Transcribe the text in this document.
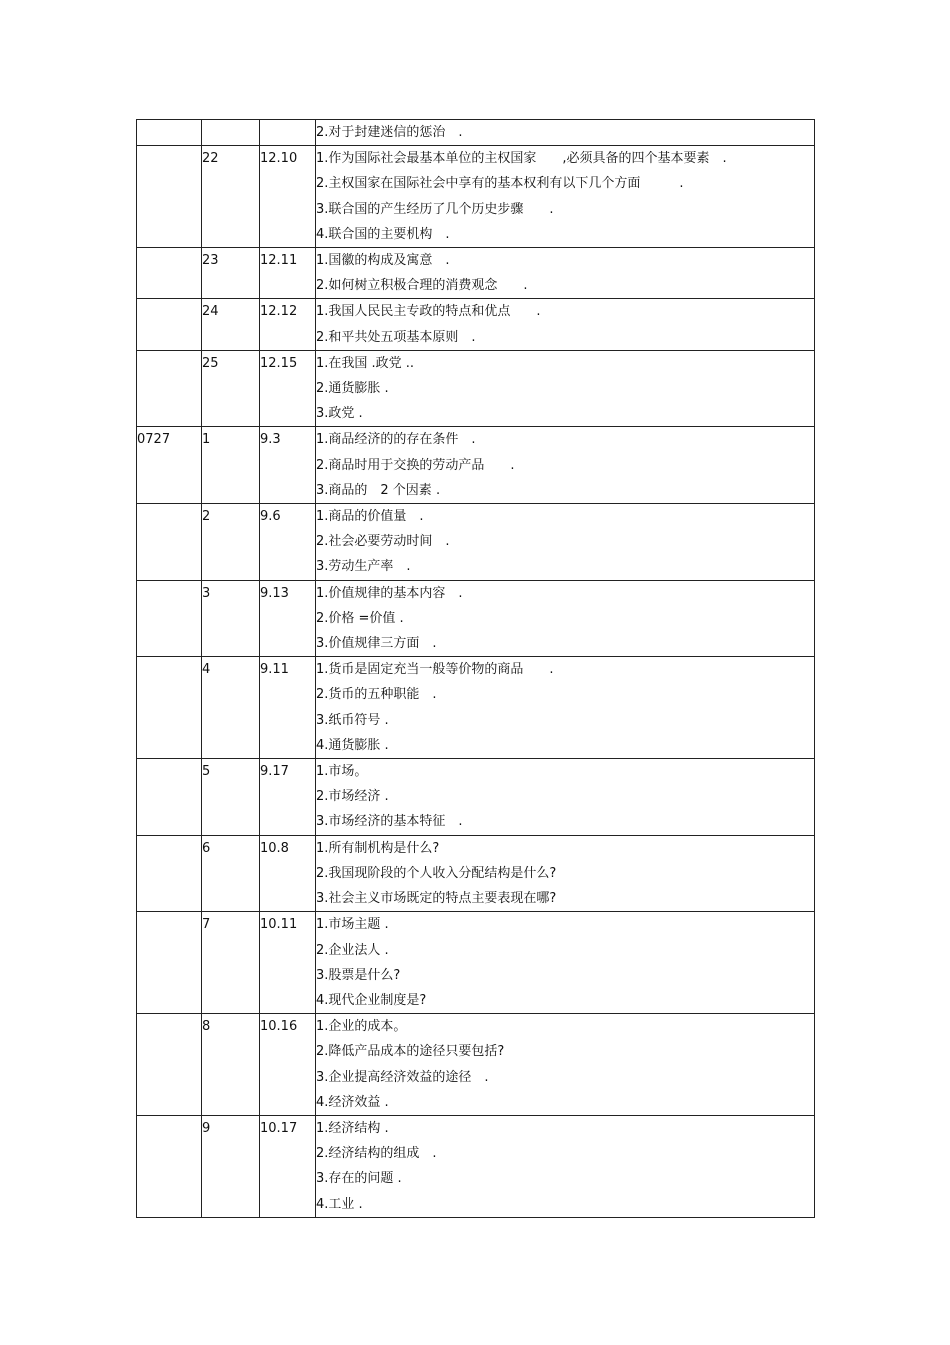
			2.对于封建迷信的惩治　.

	22	12.10	1.作为国际社会最基本单位的主权国家　　,必须具备的四个基本要素　.
2.主权国家在国际社会中享有的基本权利有以下几个方面　　　.
3.联合国的产生经历了几个历史步骤　　.
4.联合国的主要机构　.

	23	12.11	1.国徽的构成及寓意　.
2.如何树立积极合理的消费观念　　.

	24	12.12	1.我国人民民主专政的特点和优点　　.
2.和平共处五项基本原则　.

	25	12.15	1.在我国 .政党 ..
2.通货膨胀 .
3.政党 .

0727	1	9.3	1.商品经济的的存在条件　.
2.商品时用于交换的劳动产品　　.
3.商品的　2 个因素 .

	2	9.6	1.商品的价值量　.
2.社会必要劳动时间　.
3.劳动生产率　.

	3	9.13	1.价值规律的基本内容　.
2.价格 =价值 .
3.价值规律三方面　.

	4	9.11	1.货币是固定充当一般等价物的商品　　.
2.货币的五种职能　.
3.纸币符号 .
4.通货膨胀 .

	5	9.17	1.市场。
2.市场经济 .
3.市场经济的基本特征　.

	6	10.8	1.所有制机构是什么?
2.我国现阶段的个人收入分配结构是什么?
3.社会主义市场既定的特点主要表现在哪?

	7	10.11	1.市场主题 .
2.企业法人 .
3.股票是什么?
4.现代企业制度是?

	8	10.16	1.企业的成本。
2.降低产品成本的途径只要包括?
3.企业提高经济效益的途径　.
4.经济效益 .

	9	10.17	1.经济结构 .
2.经济结构的组成　.
3.存在的问题 .
4.工业 .
